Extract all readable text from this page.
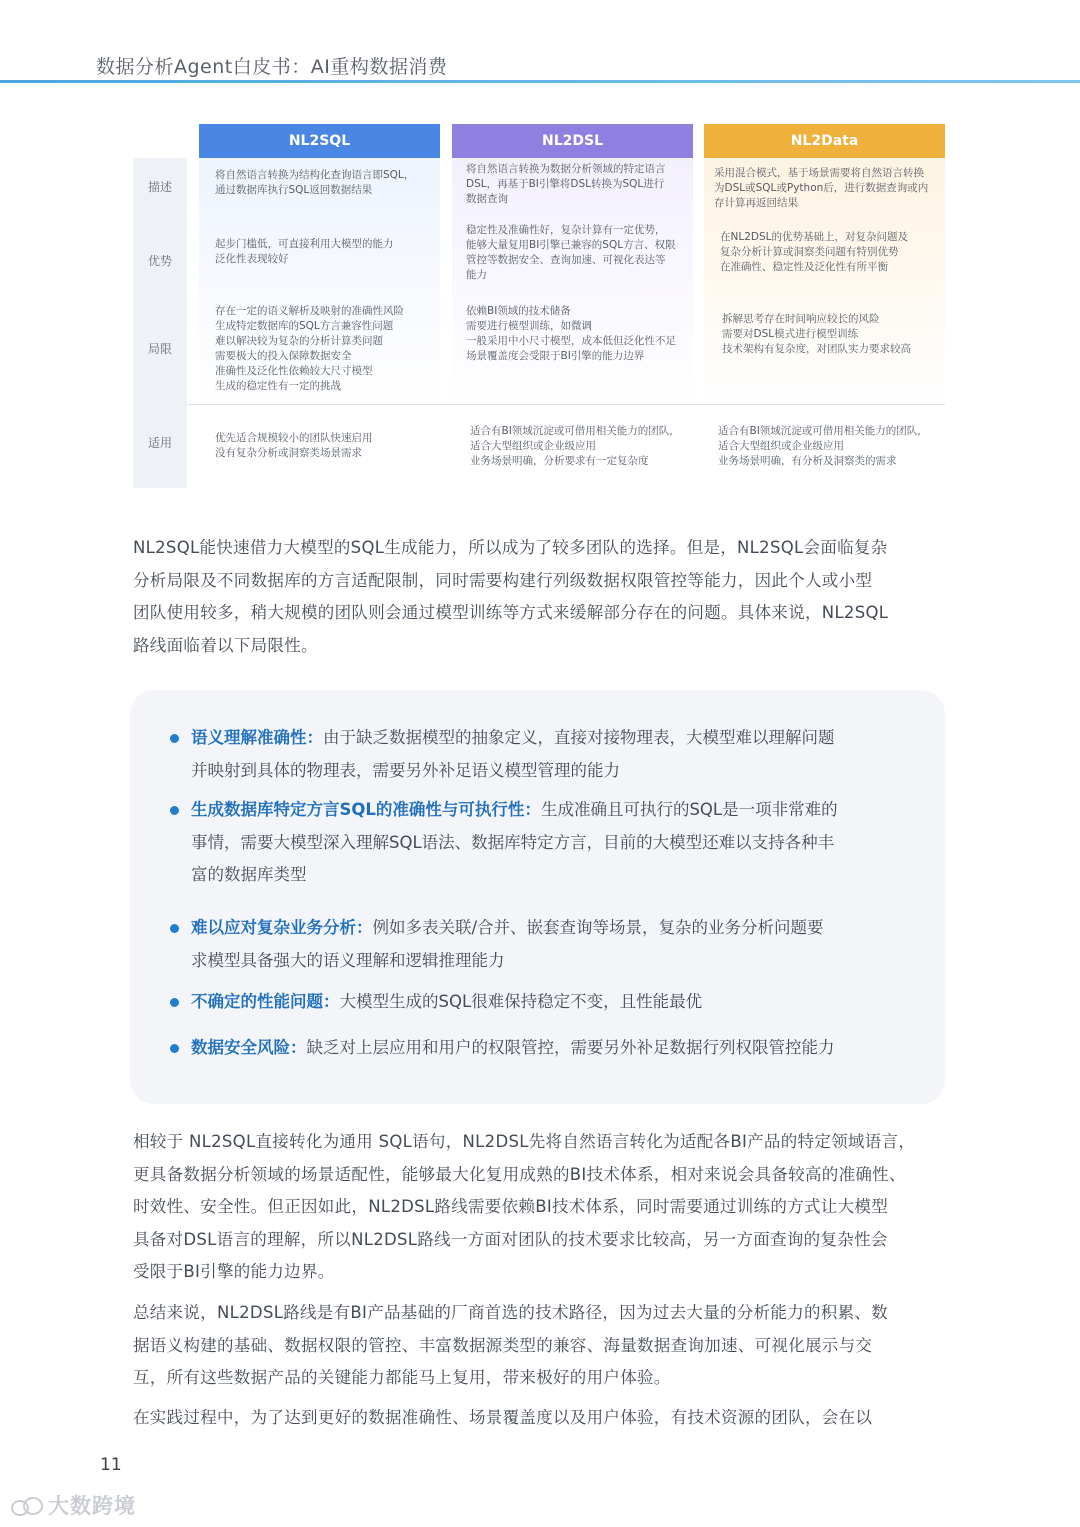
数据分析Agent白皮书：AI重构数据消费
描述
优势
局限
适用
NL2SQL
将自然语言转换为结构化查询语言即SQL，
通过数据库执行SQL返回数据结果
起步门槛低，可直接利用大模型的能力
泛化性表现较好
存在一定的语义解析及映射的准确性风险
生成特定数据库的SQL方言兼容性问题
难以解决较为复杂的分析计算类问题
需要极大的投入保障数据安全
准确性及泛化性依赖较大尺寸模型
生成的稳定性有一定的挑战
优先适合规模较小的团队快速启用
没有复杂分析或洞察类场景需求
NL2DSL
将自然语言转换为数据分析领域的特定语言
DSL，再基于BI引擎将DSL转换为SQL进行
数据查询
稳定性及准确性好，复杂计算有一定优势，
能够大量复用BI引擎已兼容的SQL方言、权限
管控等数据安全、查询加速、可视化表达等
能力
依赖BI领域的技术储备
需要进行模型训练，如微调
一般采用中小尺寸模型，成本低但泛化性不足
场景覆盖度会受限于BI引擎的能力边界
适合有BI领域沉淀或可借用相关能力的团队，
适合大型组织或企业级应用
业务场景明确，分析要求有一定复杂度
NL2Data
采用混合模式，基于场景需要将自然语言转换
为DSL或SQL或Python后，进行数据查询或内
存计算再返回结果
在NL2DSL的优势基础上，对复杂问题及
复杂分析计算或洞察类问题有特别优势
在准确性、稳定性及泛化性有所平衡
拆解思考存在时间响应较长的风险
需要对DSL模式进行模型训练
技术架构有复杂度，对团队实力要求较高
适合有BI领域沉淀或可借用相关能力的团队，
适合大型组织或企业级应用
业务场景明确，有分析及洞察类的需求
NL2SQL能快速借力大模型的SQL生成能力，所以成为了较多团队的选择。但是，NL2SQL会面临复杂
分析局限及不同数据库的方言适配限制，同时需要构建行列级数据权限管控等能力，因此个人或小型
团队使用较多，稍大规模的团队则会通过模型训练等方式来缓解部分存在的问题。具体来说，NL2SQL
路线面临着以下局限性。
语义理解准确性：由于缺乏数据模型的抽象定义，直接对接物理表，大模型难以理解问题
并映射到具体的物理表，需要另外补足语义模型管理的能力
生成数据库特定方言SQL的准确性与可执行性：生成准确且可执行的SQL是一项非常难的
事情，需要大模型深入理解SQL语法、数据库特定方言，目前的大模型还难以支持各种丰
富的数据库类型
难以应对复杂业务分析：例如多表关联/合并、嵌套查询等场景，复杂的业务分析问题要
求模型具备强大的语义理解和逻辑推理能力
不确定的性能问题：大模型生成的SQL很难保持稳定不变，且性能最优
数据安全风险：缺乏对上层应用和用户的权限管控，需要另外补足数据行列权限管控能力
相较于 NL2SQL直接转化为通用 SQL语句，NL2DSL先将自然语言转化为适配各BI产品的特定领域语言，
更具备数据分析领域的场景适配性，能够最大化复用成熟的BI技术体系，相对来说会具备较高的准确性、
时效性、安全性。但正因如此，NL2DSL路线需要依赖BI技术体系，同时需要通过训练的方式让大模型
具备对DSL语言的理解，所以NL2DSL路线一方面对团队的技术要求比较高，另一方面查询的复杂性会
受限于BI引擎的能力边界。
总结来说，NL2DSL路线是有BI产品基础的厂商首选的技术路径，因为过去大量的分析能力的积累、数
据语义构建的基础、数据权限的管控、丰富数据源类型的兼容、海量数据查询加速、可视化展示与交
互，所有这些数据产品的关键能力都能马上复用，带来极好的用户体验。
在实践过程中，为了达到更好的数据准确性、场景覆盖度以及用户体验，有技术资源的团队，会在以
11
大数跨境
